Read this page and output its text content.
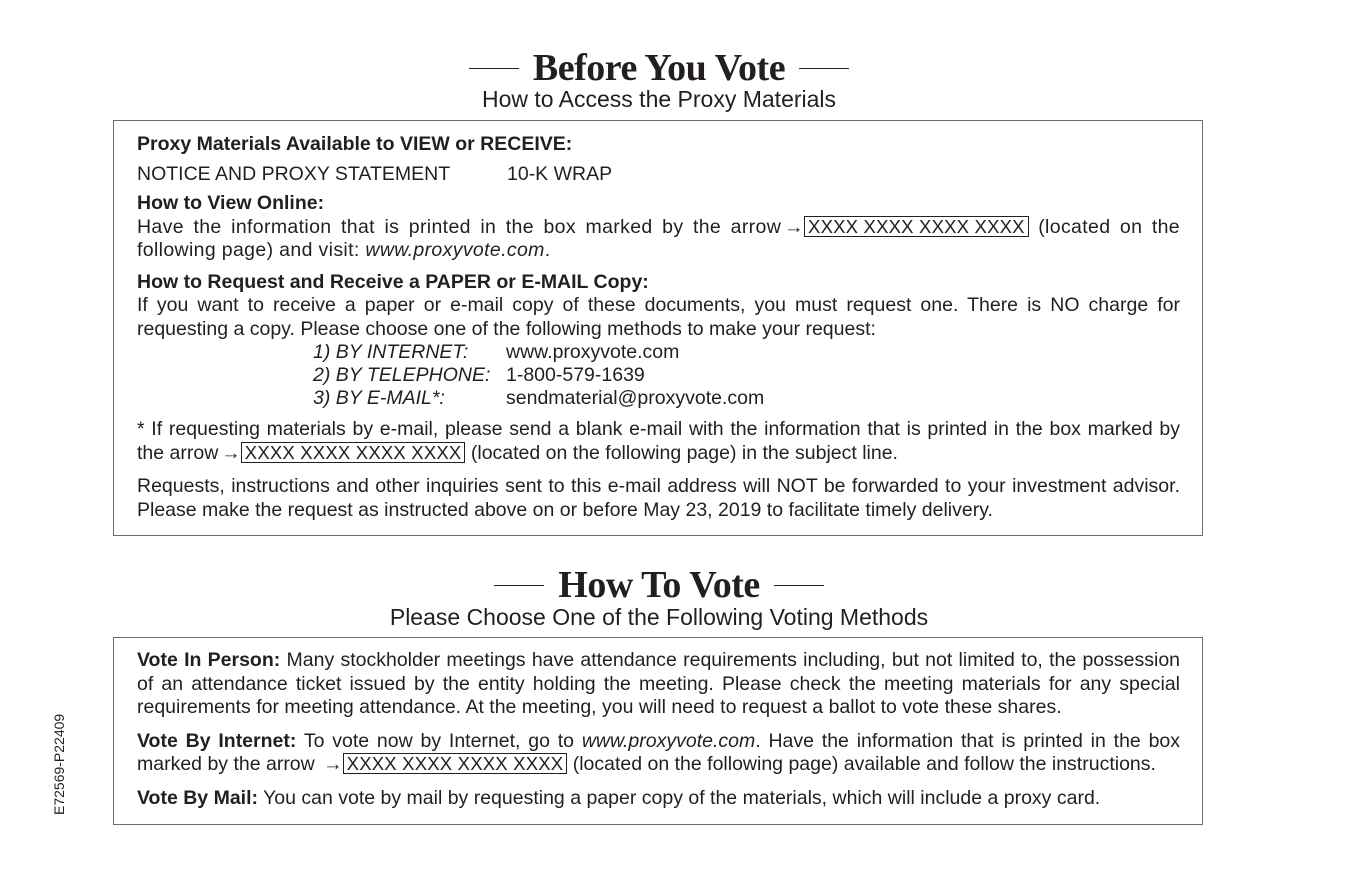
Before You Vote
How to Access the Proxy Materials

Proxy Materials Available to VIEW or RECEIVE:

NOTICE AND PROXY STATEMENT	10-K WRAP

How to View Online:

Have the information that is printed in the box marked by the arrow → XXXX XXXX XXXX XXXX (located on the following page) and visit: www.proxyvote.com.

How to Request and Receive a PAPER or E-MAIL Copy:

If you want to receive a paper or e-mail copy of these documents, you must request one. There is NO charge for requesting a copy. Please choose one of the following methods to make your request:

1) BY INTERNET:	www.proxyvote.com
2) BY TELEPHONE: 1-800-579-1639
3) BY E-MAIL*:	sendmaterial@proxyvote.com

* If requesting materials by e-mail, please send a blank e-mail with the information that is printed in the box marked by the arrow → XXXX XXXX XXXX XXXX (located on the following page) in the subject line.

Requests, instructions and other inquiries sent to this e-mail address will NOT be forwarded to your investment advisor. Please make the request as instructed above on or before May 23, 2019 to facilitate timely delivery.

How To Vote
Please Choose One of the Following Voting Methods

Vote In Person: Many stockholder meetings have attendance requirements including, but not limited to, the possession of an attendance ticket issued by the entity holding the meeting. Please check the meeting materials for any special requirements for meeting attendance. At the meeting, you will need to request a ballot to vote these shares.

Vote By Internet: To vote now by Internet, go to www.proxyvote.com. Have the information that is printed in the box marked by the arrow → XXXX XXXX XXXX XXXX (located on the following page) available and follow the instructions.

Vote By Mail: You can vote by mail by requesting a paper copy of the materials, which will include a proxy card.

E72569-P22409
